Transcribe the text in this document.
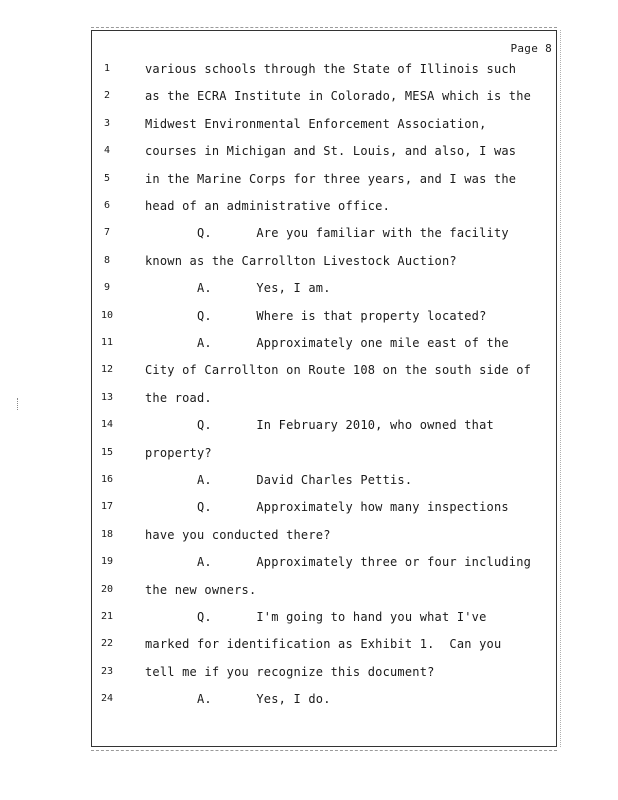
Page 8
1	various schools through the State of Illinois such
2	as the ECRA Institute in Colorado, MESA which is the
3	Midwest Environmental Enforcement Association,
4	courses in Michigan and St. Louis, and also, I was
5	in the Marine Corps for three years, and I was the
6	head of an administrative office.
7	Q.      Are you familiar with the facility
8	known as the Carrollton Livestock Auction?
9	A.      Yes, I am.
10	Q.      Where is that property located?
11	A.      Approximately one mile east of the
12	City of Carrollton on Route 108 on the south side of
13	the road.
14	Q.      In February 2010, who owned that
15	property?
16	A.      David Charles Pettis.
17	Q.      Approximately how many inspections
18	have you conducted there?
19	A.      Approximately three or four including
20	the new owners.
21	Q.      I'm going to hand you what I've
22	marked for identification as Exhibit 1.  Can you
23	tell me if you recognize this document?
24	A.      Yes, I do.
